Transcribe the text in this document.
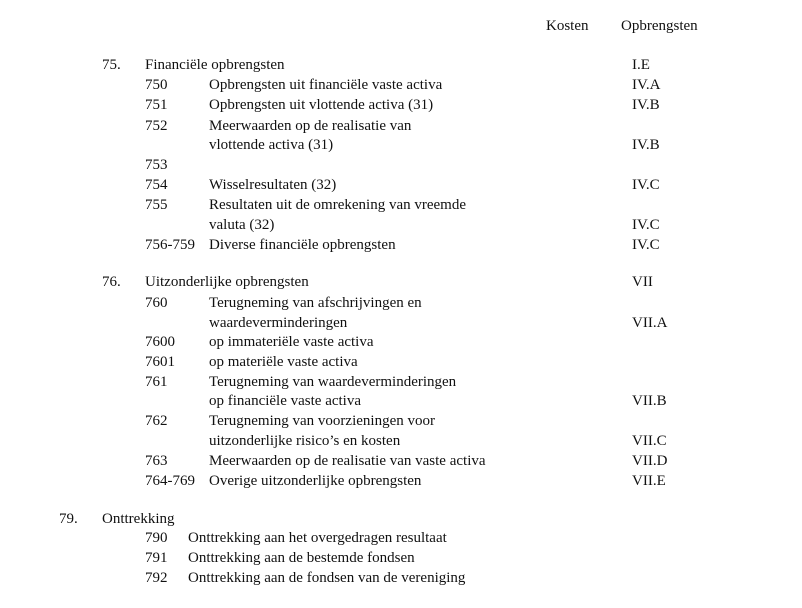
Kosten Opbrengsten
75. Financiële opbrengsten	I.E
750	Opbrengsten uit financiële vaste activa	IV.A
751	Opbrengsten uit vlottende activa (31)	IV.B
752	Meerwaarden op de realisatie van
vlottende activa (31)	IV.B
753
754	Wisselresultaten (32)	IV.C
755	Resultaten uit de omrekening van vreemde
valuta (32)	IV.C
756-759 Diverse financiële opbrengsten	IV.C
76. Uitzonderlijke opbrengsten	VII
760	Terugneming van afschrijvingen en
waardeverminderingen	VII.A
7600 op immateriële vaste activa
7601 op materiële vaste activa
761	Terugneming van waardeverminderingen
op financiële vaste activa	VII.B
762	Terugneming van voorzieningen voor
uitzonderlijke risico’s en kosten	VII.C
763	Meerwaarden op de realisatie van vaste activa	VII.D
764-769 Overige uitzonderlijke opbrengsten	VII.E
79. Onttrekking
790 Onttrekking aan het overgedragen resultaat
791 Onttrekking aan de bestemde fondsen
792 Onttrekking aan de fondsen van de vereniging
